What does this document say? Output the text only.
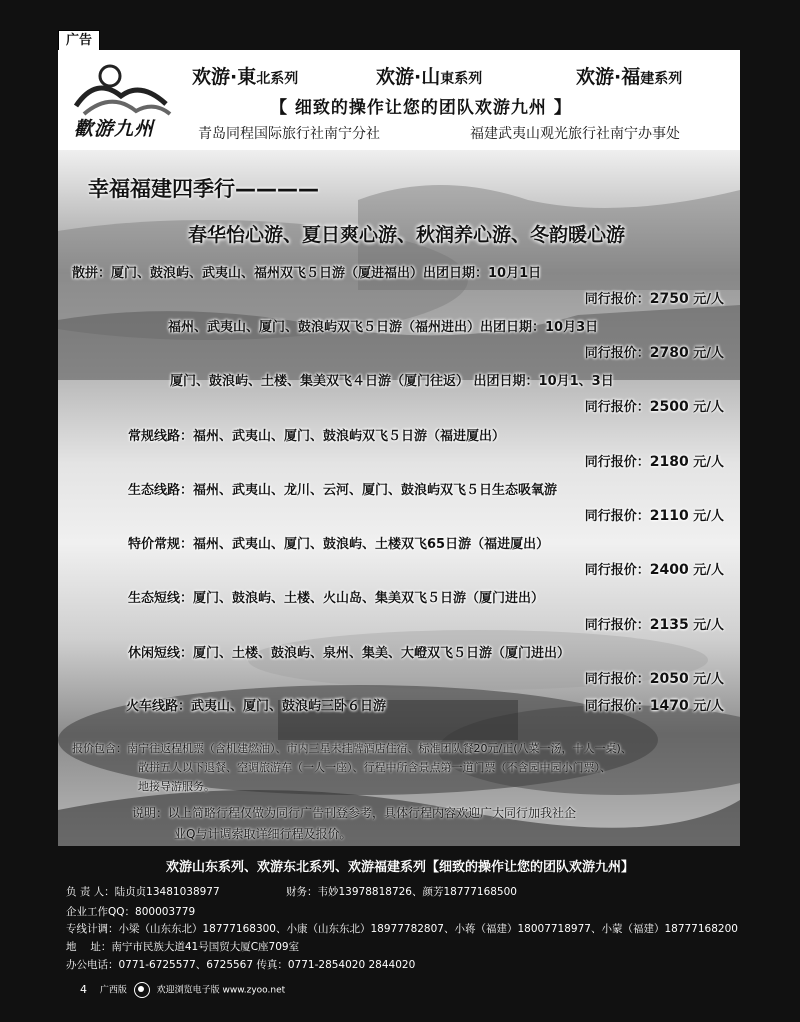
广告
歡游九州
欢游·東北系列	欢游·山東系列	欢游·福建系列
【 细致的操作让您的团队欢游九州 】
青岛同程国际旅行社南宁分社	福建武夷山观光旅行社南宁办事处
幸福福建四季行————
春华怡心游、夏日爽心游、秋润养心游、冬韵暖心游
散拼：厦门、鼓浪屿、武夷山、福州双飞５日游（厦进福出）出团日期：10月1日
同行报价：2750 元/人
福州、武夷山、厦门、鼓浪屿双飞５日游（福州进出）出团日期：10月3日
同行报价：2780 元/人
厦门、鼓浪屿、土楼、集美双飞４日游（厦门往返） 出团日期：10月1、3日
同行报价：2500 元/人
常规线路：福州、武夷山、厦门、鼓浪屿双飞５日游（福进厦出）
同行报价：2180 元/人
生态线路：福州、武夷山、龙川、云河、厦门、鼓浪屿双飞５日生态吸氧游
同行报价：2110 元/人
特价常规：福州、武夷山、厦门、鼓浪屿、土楼双飞65日游（福进厦出）
同行报价：2400 元/人
生态短线：厦门、鼓浪屿、土楼、火山岛、集美双飞５日游（厦门进出）
同行报价：2135 元/人
休闲短线：厦门、土楼、鼓浪屿、泉州、集美、大嶝双飞５日游（厦门进出）
同行报价：2050 元/人
火车线路：武夷山、厦门、鼓浪屿三卧６日游	同行报价：1470 元/人
报价包含：南宁往返程机票（含机建燃油）、市内三星未挂牌酒店住宿、标准团队餐20元/正(八菜一汤，十人一桌)、
散拼五人以下退餐、空调旅游车（一人一座）、行程中所含景点第一道门票（不含园中园小门票）、
地接导游服务。
说明：以上简略行程仅做为同行广告刊登参考，具体行程内容欢迎广大同行加我社企
业Q与计调索取详细行程及报价。
欢游山东系列、欢游东北系列、欢游福建系列【细致的操作让您的团队欢游九州】
负 责 人：陆贞贞13481038977	财务：韦妙13978818726、颜芳18777168500
企业工作QQ：800003779
专线计调：小梁（山东东北）18777168300、小康（山东东北）18977782807、小蒋（福建）18007718977、小蒙（福建）18777168200
地　 址：南宁市民族大道41号国贸大厦C座709室
办公电话：0771-6725577、6725567 传真：0771-2854020 2844020
4 广西版	欢迎浏览电子版 www.zyoo.net
